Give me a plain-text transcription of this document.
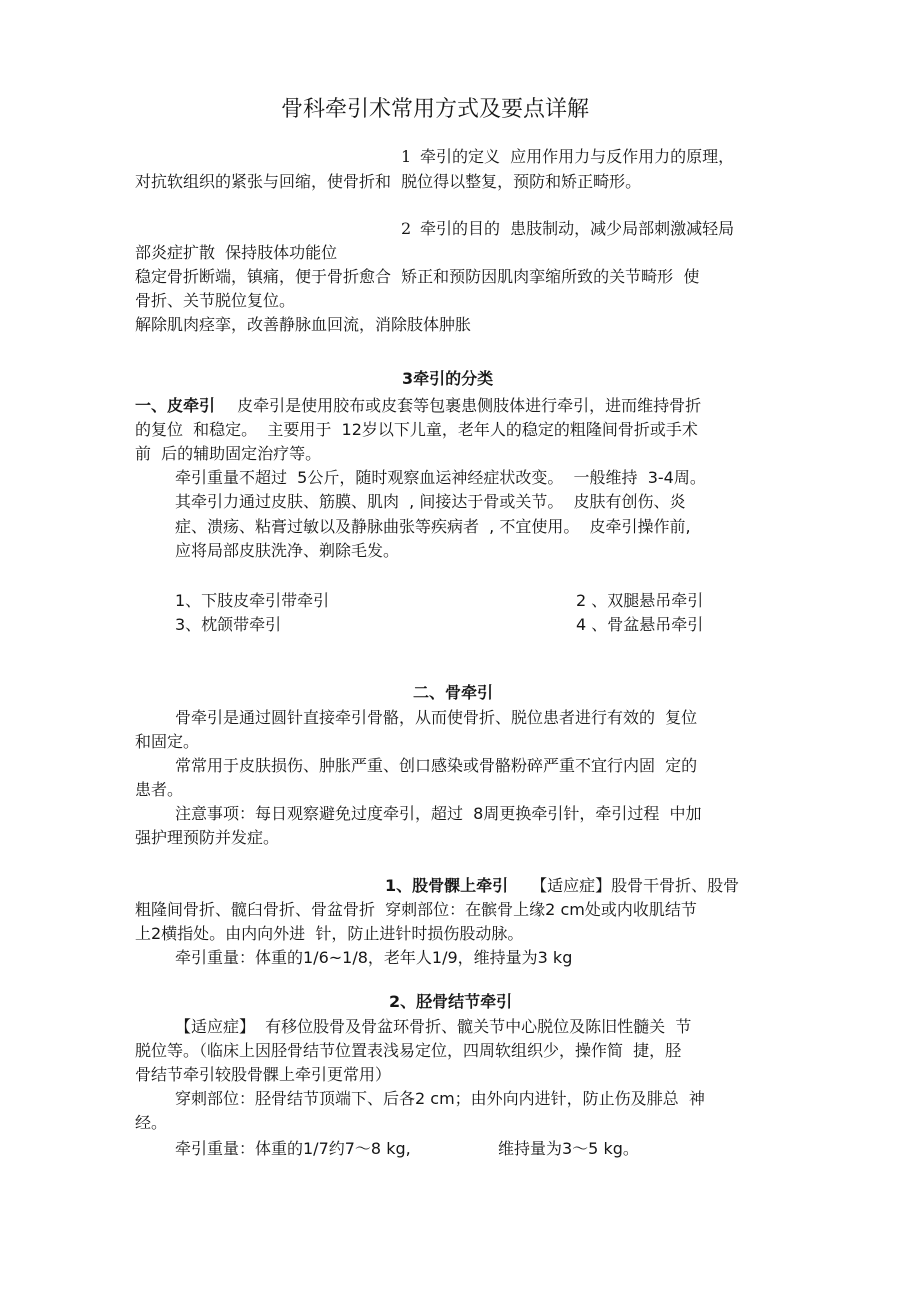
骨科牵引术常用方式及要点详解
1 牵引的定义  应用作用力与反作用力的原理，
对抗软组织的紧张与回缩，使骨折和  脱位得以整复，预防和矫正畸形。
2 牵引的目的  患肢制动，减少局部刺激减轻局
部炎症扩散  保持肢体功能位
稳定骨折断端，镇痛，便于骨折愈合  矫正和预防因肌肉挛缩所致的关节畸形  使
骨折、关节脱位复位。
解除肌肉痉挛，改善静脉血回流，消除肢体肿胀
3牵引的分类
一、皮牵引 皮牵引是使用胶布或皮套等包裹患侧肢体进行牵引，进而维持骨折
的复位  和稳定。  主要用于  12岁以下儿童，老年人的稳定的粗隆间骨折或手术
前  后的辅助固定治疗等。
牵引重量不超过  5公斤，随时观察血运神经症状改变。  一般维持  3-4周。
其牵引力通过皮肤、筋膜、肌肉  , 间接达于骨或关节。  皮肤有创伤、炎
症、溃疡、粘膏过敏以及静脉曲张等疾病者  , 不宜使用。  皮牵引操作前,
应将局部皮肤洗净、剃除毛发。
1、下肢皮牵引带牵引	2 、双腿悬吊牵引
3、枕颌带牵引	4 、骨盆悬吊牵引
二、骨牵引
骨牵引是通过圆针直接牵引骨骼，从而使骨折、脱位患者进行有效的  复位
和固定。
常常用于皮肤损伤、肿胀严重、创口感染或骨骼粉碎严重不宜行内固  定的
患者。
注意事项：每日观察避免过度牵引，超过  8周更换牵引针，牵引过程  中加
强护理预防并发症。
1、股骨髁上牵引 【适应症】股骨干骨折、股骨
粗隆间骨折、髋臼骨折、骨盆骨折  穿刺部位：在髌骨上缘2 cm处或内收肌结节
上2横指处。由内向外进  针，防止进针时损伤股动脉。
牵引重量：体重的1/6~1/8，老年人1/9，维持量为3 kg
2、胫骨结节牵引
【适应症】  有移位股骨及骨盆环骨折、髋关节中心脱位及陈旧性髓关  节
脱位等。（临床上因胫骨结节位置表浅易定位，四周软组织少，操作简  捷，胫
骨结节牵引较股骨髁上牵引更常用）
穿刺部位：胫骨结节顶端下、后各2 cm；由外向内进针，防止伤及腓总  神
经。
牵引重量：体重的1/7约7〜8 kg,	维持量为3〜5 kg。
